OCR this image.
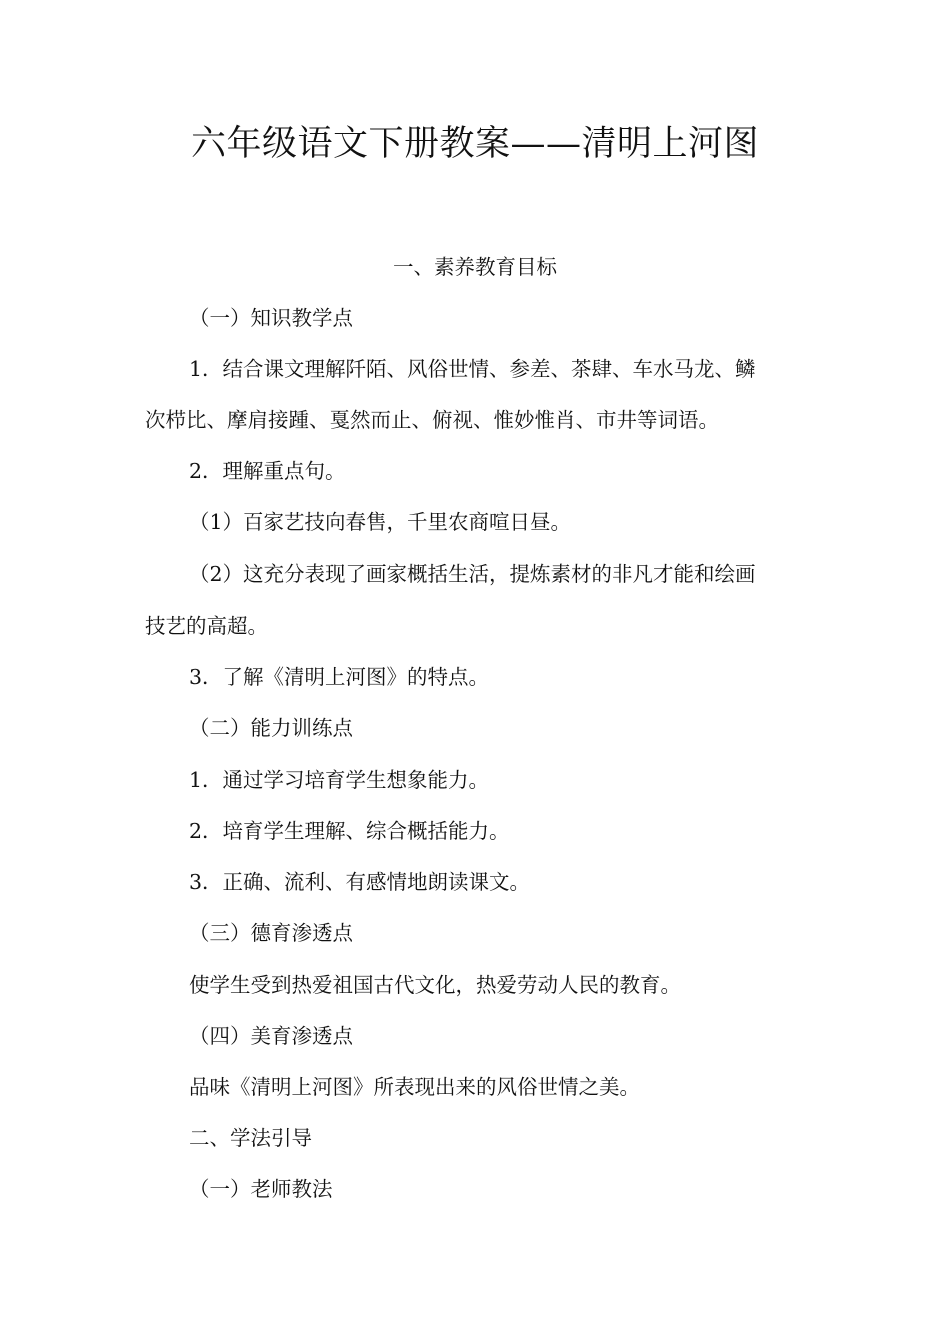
六年级语文下册教案——清明上河图
一、素养教育目标
（一）知识教学点
1．结合课文理解阡陌、风俗世情、参差、茶肆、车水马龙、鳞
次栉比、摩肩接踵、戛然而止、俯视、惟妙惟肖、市井等词语。
2．理解重点句。
（1）百家艺技向春售，千里农商喧日昼。
（2）这充分表现了画家概括生活，提炼素材的非凡才能和绘画
技艺的高超。
3．了解《清明上河图》的特点。
（二）能力训练点
1．通过学习培育学生想象能力。
2．培育学生理解、综合概括能力。
3．正确、流利、有感情地朗读课文。
（三）德育渗透点
使学生受到热爱祖国古代文化，热爱劳动人民的教育。
（四）美育渗透点
品味《清明上河图》所表现出来的风俗世情之美。
二、学法引导
（一）老师教法
